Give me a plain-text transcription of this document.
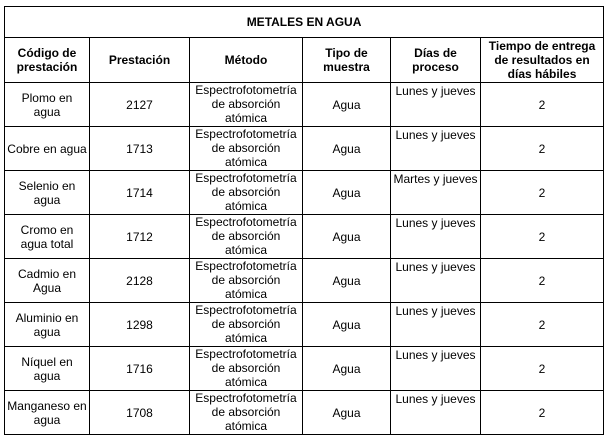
METALES EN AGUA					
Código de prestación	Prestación	Método	Tipo de muestra	Días de proceso	Tiempo de entrega de resultados en días hábiles
Plomo en agua	2127	Espectrofotometría de absorción atómica	Agua	Lunes y jueves	2
Cobre en agua	1713	Espectrofotometría de absorción atómica	Agua	Lunes y jueves	2
Selenio en agua	1714	Espectrofotometría de absorción atómica	Agua	Martes y jueves	2
Cromo en agua total	1712	Espectrofotometría de absorción atómica	Agua	Lunes y jueves	2
Cadmio en Agua	2128	Espectrofotometría de absorción atómica	Agua	Lunes y jueves	2
Aluminio en agua	1298	Espectrofotometría de absorción atómica	Agua	Lunes y jueves	2
Níquel en agua	1716	Espectrofotometría de absorción atómica	Agua	Lunes y jueves	2
Manganeso en agua	1708	Espectrofotometría de absorción atómica	Agua	Lunes y jueves	2
